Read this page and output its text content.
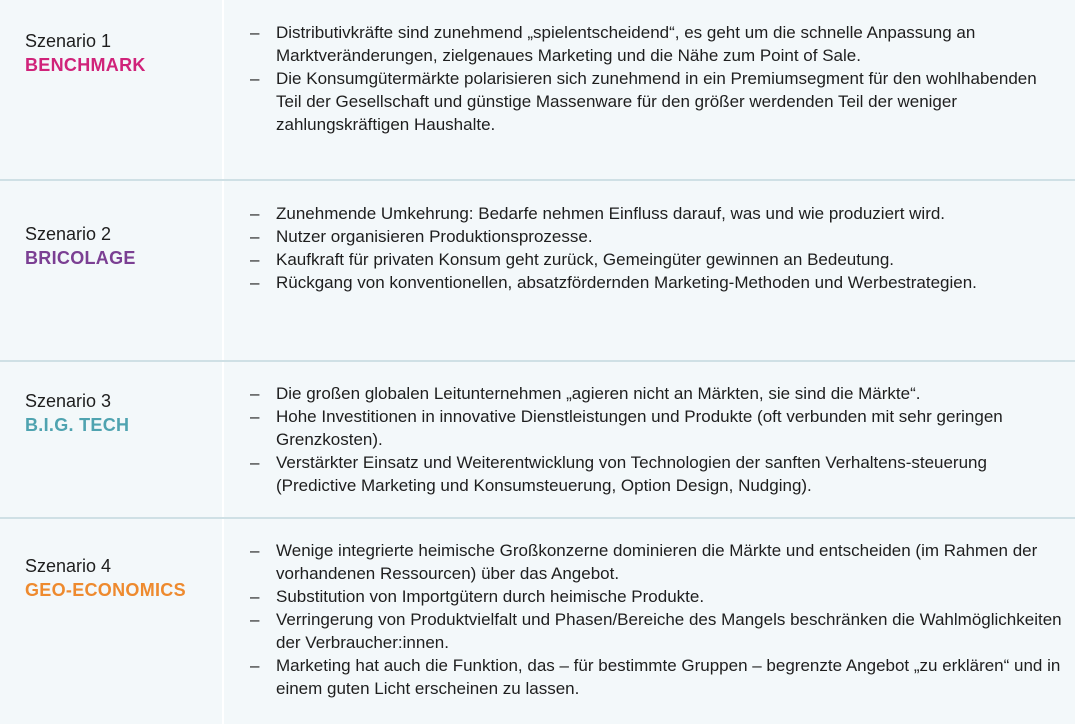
Szenario 1
BENCHMARK
– Distributivkräfte sind zunehmend „spielentscheidend“, es geht um die schnelle Anpassung an Marktveränderungen, zielgenaues Marketing und die Nähe zum Point of Sale.
– Die Konsumgütermärkte polarisieren sich zunehmend in ein Premiumsegment für den wohlhabenden Teil der Gesellschaft und günstige Massenware für den größer werdenden Teil der weniger zahlungskräftigen Haushalte.
Szenario 2
BRICOLAGE
– Zunehmende Umkehrung: Bedarfe nehmen Einfluss darauf, was und wie produziert wird.
– Nutzer organisieren Produktionsprozesse.
– Kaufkraft für privaten Konsum geht zurück, Gemeingüter gewinnen an Bedeutung.
– Rückgang von konventionellen, absatzfördernden Marketing-Methoden und Werbestrategien.
Szenario 3
B.I.G. TECH
– Die großen globalen Leitunternehmen „agieren nicht an Märkten, sie sind die Märkte“.
– Hohe Investitionen in innovative Dienstleistungen und Produkte (oft verbunden mit sehr geringen Grenzkosten).
– Verstärkter Einsatz und Weiterentwicklung von Technologien der sanften Verhaltens-steuerung (Predictive Marketing und Konsumsteuerung, Option Design, Nudging).
Szenario 4
GEO-ECONOMICS
– Wenige integrierte heimische Großkonzerne dominieren die Märkte und entscheiden (im Rahmen der vorhandenen Ressourcen) über das Angebot.
– Substitution von Importgütern durch heimische Produkte.
– Verringerung von Produktvielfalt und Phasen/Bereiche des Mangels beschränken die Wahlmöglichkeiten der Verbraucher:innen.
– Marketing hat auch die Funktion, das – für bestimmte Gruppen – begrenzte Angebot „zu erklären“ und in einem guten Licht erscheinen zu lassen.
